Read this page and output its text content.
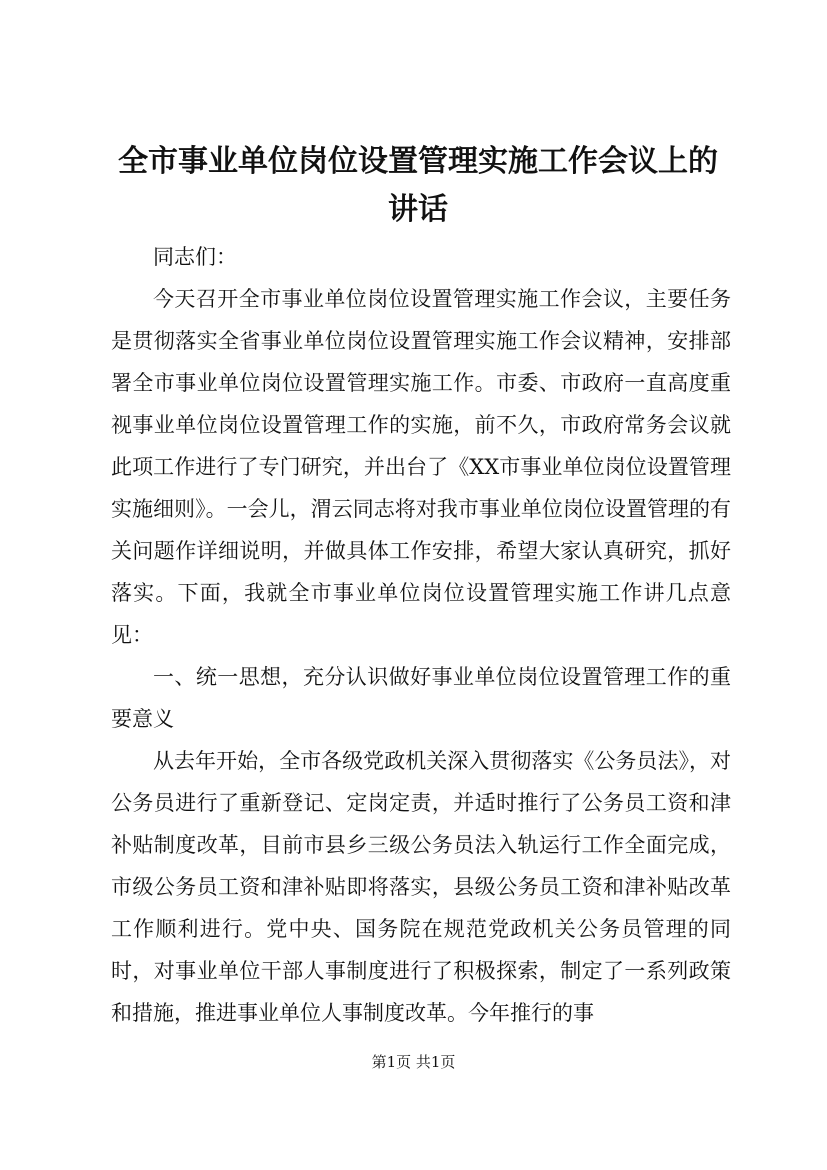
全市事业单位岗位设置管理实施工作会议上的讲话

同志们：

今天召开全市事业单位岗位设置管理实施工作会议，主要任务是贯彻落实全省事业单位岗位设置管理实施工作会议精神，安排部署全市事业单位岗位设置管理实施工作。市委、市政府一直高度重视事业单位岗位设置管理工作的实施，前不久，市政府常务会议就此项工作进行了专门研究，并出台了《XX市事业单位岗位设置管理实施细则》。一会儿，渭云同志将对我市事业单位岗位设置管理的有关问题作详细说明，并做具体工作安排，希望大家认真研究，抓好落实。下面，我就全市事业单位岗位设置管理实施工作讲几点意见：

一、统一思想，充分认识做好事业单位岗位设置管理工作的重要意义

从去年开始，全市各级党政机关深入贯彻落实《公务员法》，对公务员进行了重新登记、定岗定责，并适时推行了公务员工资和津补贴制度改革，目前市县乡三级公务员法入轨运行工作全面完成，市级公务员工资和津补贴即将落实，县级公务员工资和津补贴改革工作顺利进行。党中央、国务院在规范党政机关公务员管理的同时，对事业单位干部人事制度进行了积极探索，制定了一系列政策和措施，推进事业单位人事制度改革。今年推行的事

第1页 共1页
